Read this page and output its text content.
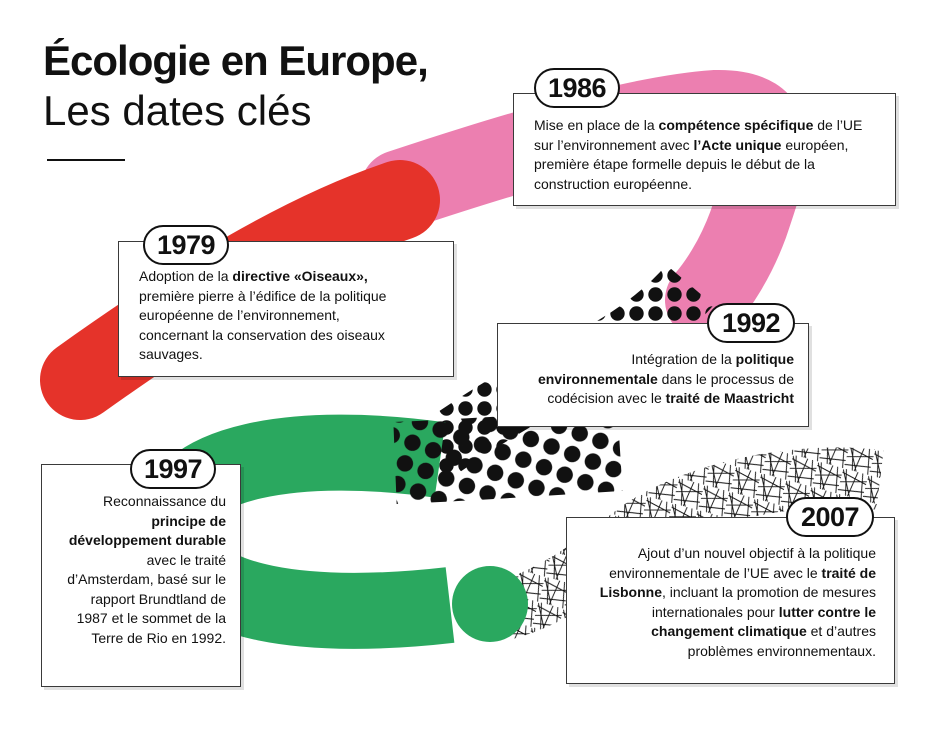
Écologie en Europe,
Les dates clés
Adoption de la directive «Oiseaux», première pierre à l’édifice de la politique européenne de l’environnement, concernant la conservation des oiseaux sauvages.
1979
Mise en place de la compétence spécifique de l’UE sur l’environnement avec l’Acte unique européen, première étape formelle depuis le début de la construction européenne.
1986
Intégration de la politique environnementale dans le processus de codécision avec le traité de Maastricht
1992
Reconnaissance du principe de développement durable avec le traité d’Amsterdam, basé sur le rapport Brundtland de 1987 et le sommet de la Terre de Rio en 1992.
1997
Ajout d’un nouvel objectif à la politique environnementale de l’UE avec le traité de Lisbonne, incluant la promotion de mesures internationales pour lutter contre le changement climatique et d’autres problèmes environnementaux.
2007
